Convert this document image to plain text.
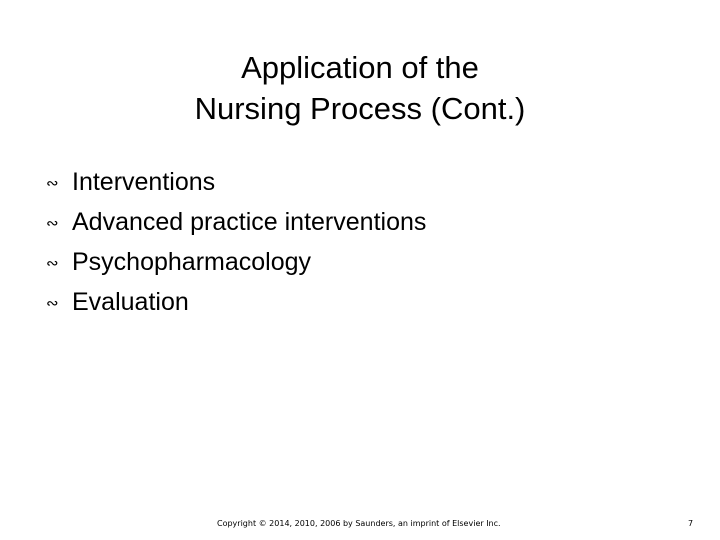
Application of the
Nursing Process (Cont.)
∾ Interventions
∾ Advanced practice interventions
∾ Psychopharmacology
∾ Evaluation
Copyright © 2014, 2010, 2006 by Saunders, an imprint of Elsevier Inc.	7
